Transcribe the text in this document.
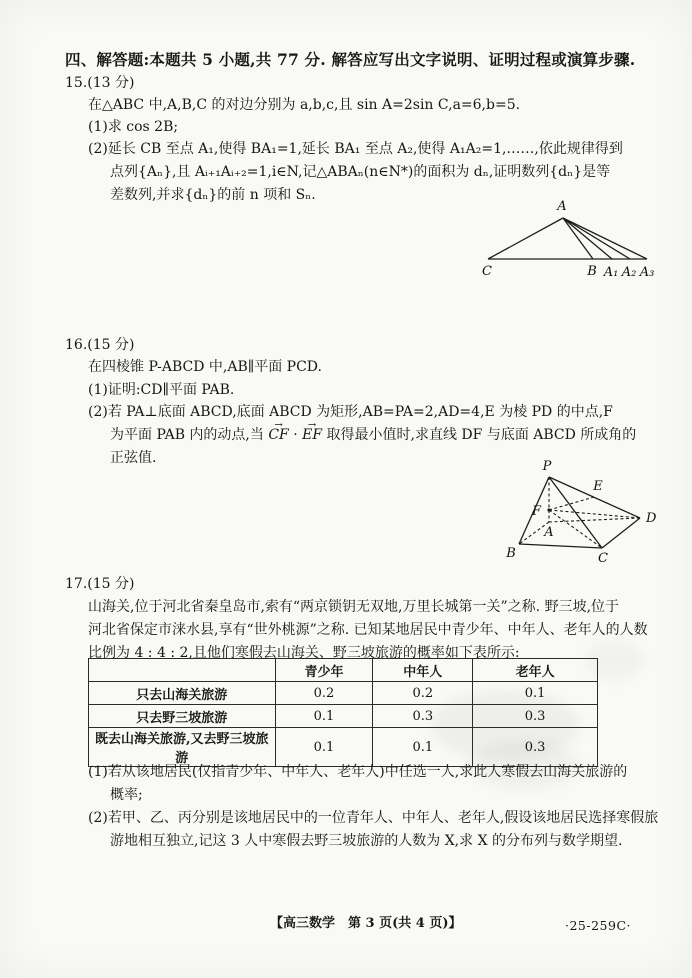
四、解答题:本题共 5 小题,共 77 分. 解答应写出文字说明、证明过程或演算步骤.
15.(13 分)
在△ABC 中,A,B,C 的对边分别为 a,b,c,且 sin A=2sin C,a=6,b=5.
(1)求 cos 2B;
(2)延长 CB 至点 A₁,使得 BA₁=1,延长 BA₁ 至点 A₂,使得 A₁A₂=1,……,依此规律得到
点列{Aₙ},且 Aᵢ₊₁Aᵢ₊₂=1,i∈N,记△ABAₙ(n∈N*)的面积为 dₙ,证明数列{dₙ}是等
差数列,并求{dₙ}的前 n 项和 Sₙ.
A
C	B A₁ A₂ A₃
16.(15 分)
在四棱锥 P-ABCD 中,AB∥平面 PCD.
(1)证明:CD∥平面 PAB.
(2)若 PA⊥底面 ABCD,底面 ABCD 为矩形,AB=PA=2,AD=4,E 为棱 PD 的中点,F
为平面 PAB 内的动点,当 CF → · EF → 取得最小值时,求直线 DF 与底面 ABCD 所成角的
正弦值.
P
E
F
A
D
B	C
17.(15 分)
山海关,位于河北省秦皇岛市,索有“两京锁钥无双地,万里长城第一关”之称. 野三坡,位于
河北省保定市涞水县,享有“世外桃源”之称. 已知某地居民中青少年、中年人、老年人的人数
比例为 4 : 4 : 2,且他们寒假去山海关、野三坡旅游的概率如下表所示:
	青少年	中年人	老年人
只去山海关旅游	0.2	0.2	0.1
只去野三坡旅游	0.1	0.3	0.3
既去山海关旅游,又去野三坡旅游	0.1	0.1	0.3
(1)若从该地居民(仅指青少年、中年人、老年人)中任选一人,求此人寒假去山海关旅游的
概率;
(2)若甲、乙、丙分别是该地居民中的一位青年人、中年人、老年人,假设该地居民选择寒假旅
游地相互独立,记这 3 人中寒假去野三坡旅游的人数为 X,求 X 的分布列与数学期望.
【高三数学　第 3 页(共 4 页)】	·25-259C·
